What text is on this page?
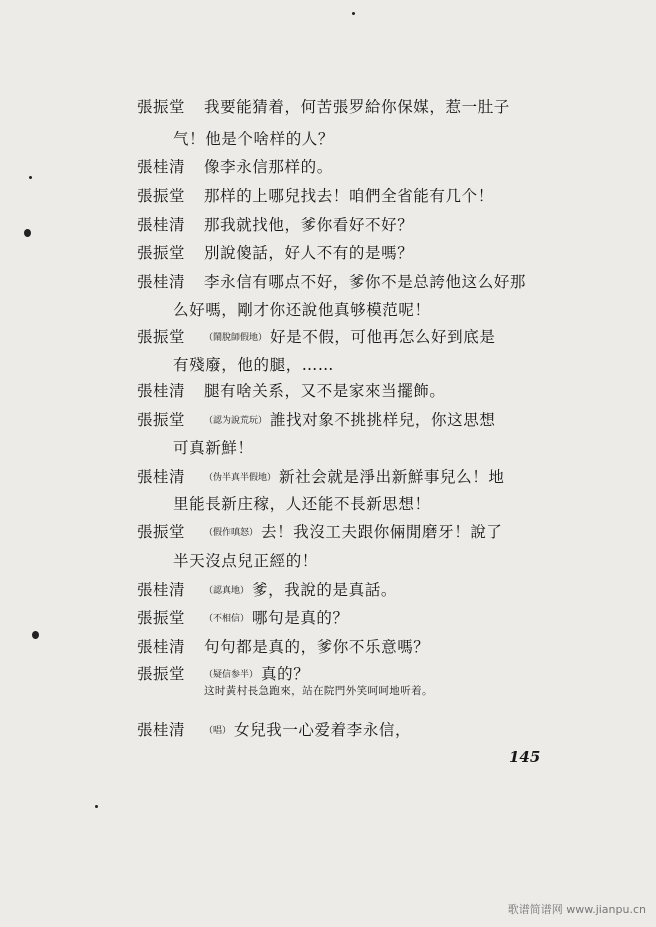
張振堂 我要能猜着，何苦張罗給你保媒，惹一肚子
气！他是个啥样的人？
張桂清 像李永信那样的。
張振堂 那样的上哪兒找去！咱們全省能有几个！
張桂清 那我就找他，爹你看好不好？
張振堂 別說傻話，好人不有的是嗎？
張桂清 李永信有哪点不好，爹你不是总誇他这么好那
么好嗎，剛才你还說他真够模范呢！
張振堂 （鬧脫師假地） 好是不假，可他再怎么好到底是
有殘廢，他的腿，……
張桂清 腿有啥关系，又不是家來当擺飾。
張振堂 （認为說荒玩） 誰找对象不挑挑样兒，你这思想
可真新鮮！
張桂清 （伪半真半假地） 新社会就是淨出新鮮事兒么！地
里能長新庄稼，人还能不長新思想！
張振堂 （假作嗔怒） 去！我沒工夫跟你倆閒磨牙！說了
半天沒点兒正經的！
張桂清 （認真地） 爹，我說的是真話。
張振堂 （不相信） 哪句是真的？
張桂清 句句都是真的，爹你不乐意嗎？
張振堂 （疑信参半） 真的？
这时黃村長急跑來，站在院門外笑呵呵地听着。
張桂清 （唱） 女兒我一心爱着李永信，
145
歌谱简谱网 www.jianpu.cn
